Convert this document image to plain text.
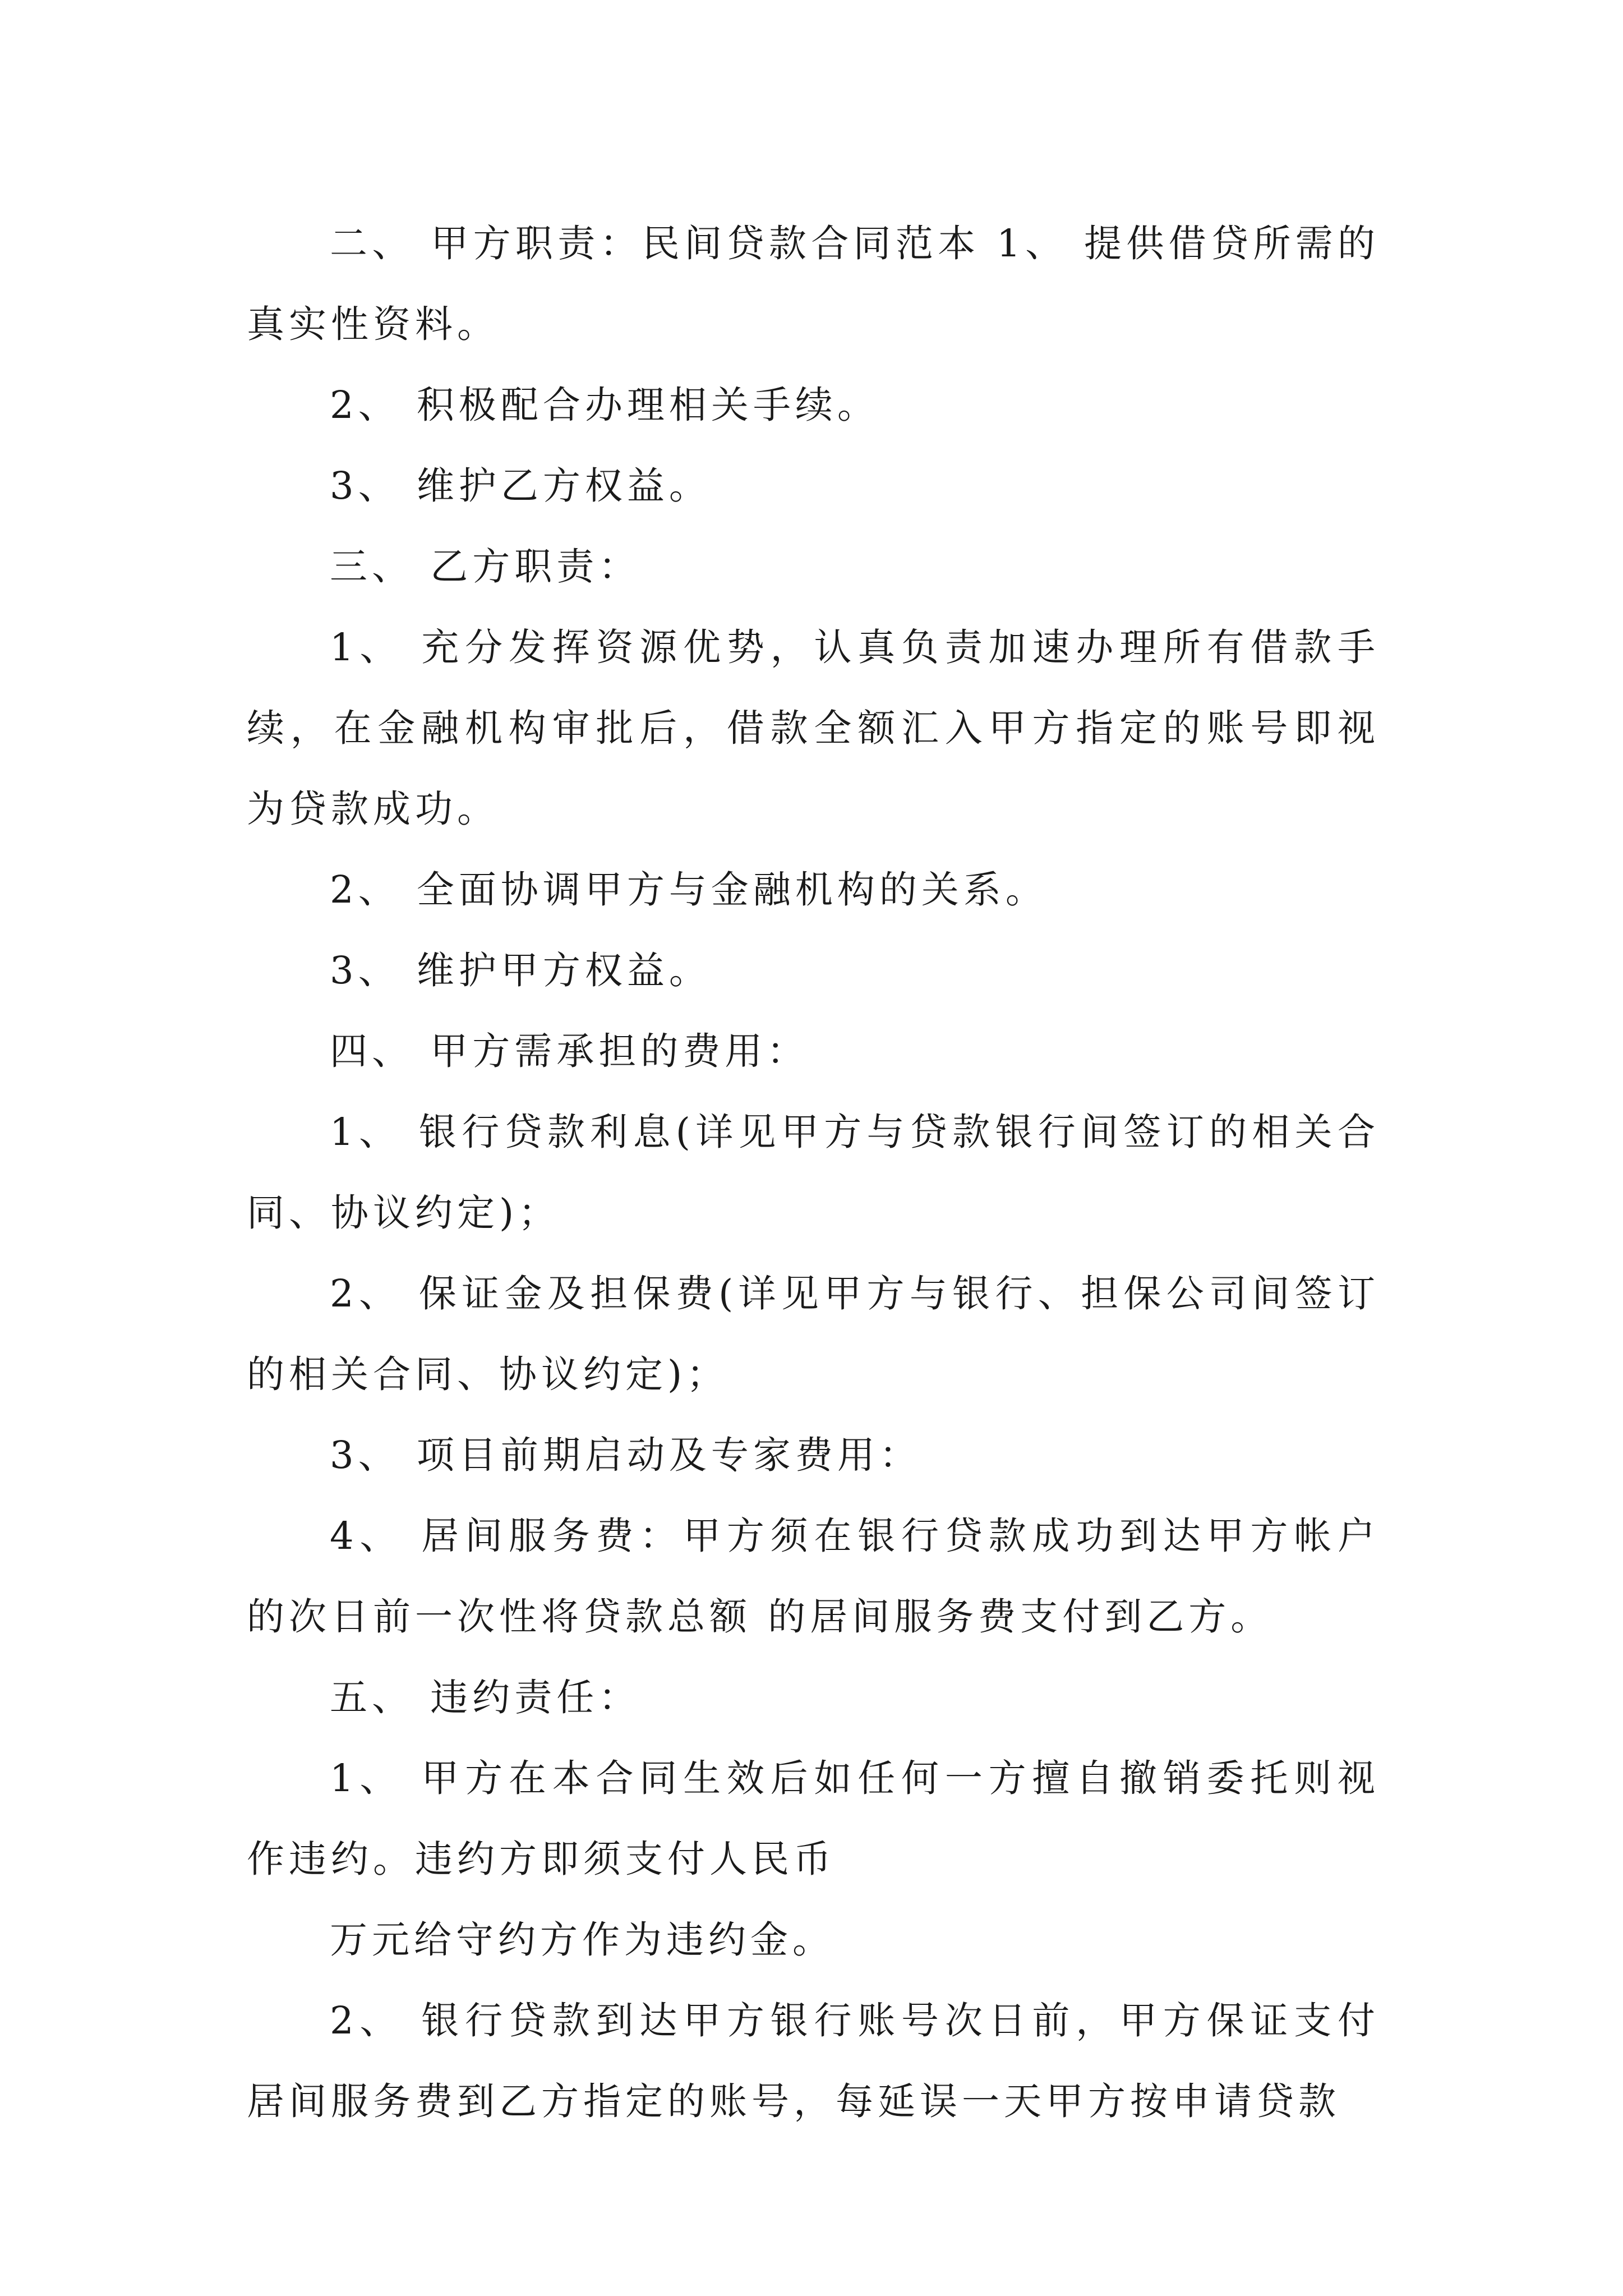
二、 甲方职责：民间贷款合同范本 1、 提供借贷所需的真实性资料。

2、 积极配合办理相关手续。

3、 维护乙方权益。

三、 乙方职责：

1、 充分发挥资源优势，认真负责加速办理所有借款手续，在金融机构审批后，借款全额汇入甲方指定的账号即视为贷款成功。

2、 全面协调甲方与金融机构的关系。

3、 维护甲方权益。

四、 甲方需承担的费用：

1、 银行贷款利息(详见甲方与贷款银行间签订的相关合同、协议约定)；

2、 保证金及担保费(详见甲方与银行、担保公司间签订的相关合同、协议约定)；

3、 项目前期启动及专家费用：

4、 居间服务费：甲方须在银行贷款成功到达甲方帐户的次日前一次性将贷款总额 的居间服务费支付到乙方。

五、 违约责任：

1、 甲方在本合同生效后如任何一方擅自撤销委托则视作违约。违约方即须支付人民币

万元给守约方作为违约金。

2、 银行贷款到达甲方银行账号次日前，甲方保证支付居间服务费到乙方指定的账号，每延误一天甲方按申请贷款
